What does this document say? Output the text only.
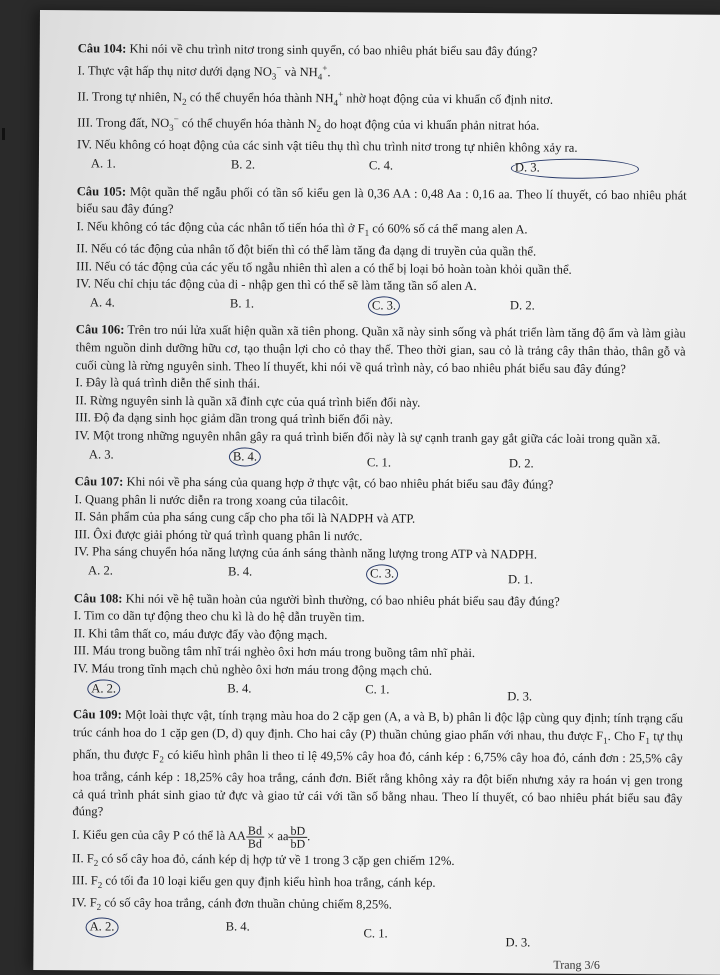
Câu 104: Khi nói về chu trình nitơ trong sinh quyển, có bao nhiêu phát biểu sau đây đúng?
I. Thực vật hấp thụ nitơ dưới dạng $NO_3^-$ và $NH_4^+$.
II. Trong tự nhiên, $N_2$ có thể chuyển hóa thành $NH_4^+$ nhờ hoạt động của vi khuẩn cố định nitơ.
III. Trong đất, $NO_3^-$ có thể chuyển hóa thành $N_2$ do hoạt động của vi khuẩn phản nitrat hóa.
IV. Nếu không có hoạt động của các sinh vật tiêu thụ thì chu trình nitơ trong tự nhiên không xảy ra.
A. 1.	B. 2.	C. 4.	D. 3.
Câu 105: Một quần thể ngẫu phối có tần số kiểu gen là 0,36 AA : 0,48 Aa : 0,16 aa. Theo lí thuyết, có bao nhiêu phát biểu sau đây đúng?
I. Nếu không có tác động của các nhân tố tiến hóa thì ở $F_1$ có 60% số cá thể mang alen A.
II. Nếu có tác động của nhân tố đột biến thì có thể làm tăng đa dạng di truyền của quần thể.
III. Nếu có tác động của các yếu tố ngẫu nhiên thì alen a có thể bị loại bỏ hoàn toàn khỏi quần thể.
IV. Nếu chỉ chịu tác động của di - nhập gen thì có thể sẽ làm tăng tần số alen A.
A. 4.	B. 1.	C. 3.	D. 2.
Câu 106: Trên tro núi lửa xuất hiện quần xã tiên phong. Quần xã này sinh sống và phát triển làm tăng độ ẩm và làm giàu thêm nguồn dinh dưỡng hữu cơ, tạo thuận lợi cho cỏ thay thế. Theo thời gian, sau cỏ là trảng cây thân thảo, thân gỗ và cuối cùng là rừng nguyên sinh. Theo lí thuyết, khi nói về quá trình này, có bao nhiêu phát biểu sau đây đúng?
I. Đây là quá trình diễn thế sinh thái.
II. Rừng nguyên sinh là quần xã đỉnh cực của quá trình biến đổi này.
III. Độ đa dạng sinh học giảm dần trong quá trình biến đổi này.
IV. Một trong những nguyên nhân gây ra quá trình biến đổi này là sự cạnh tranh gay gắt giữa các loài trong quần xã.
A. 3.	B. 4.	C. 1.	D. 2.
Câu 107: Khi nói về pha sáng của quang hợp ở thực vật, có bao nhiêu phát biểu sau đây đúng?
I. Quang phân li nước diễn ra trong xoang của tilacôit.
II. Sản phẩm của pha sáng cung cấp cho pha tối là NADPH và ATP.
III. Ôxi được giải phóng từ quá trình quang phân li nước.
IV. Pha sáng chuyển hóa năng lượng của ánh sáng thành năng lượng trong ATP và NADPH.
A. 2.	B. 4.	C. 3.	D. 1.
Câu 108: Khi nói về hệ tuần hoàn của người bình thường, có bao nhiêu phát biểu sau đây đúng?
I. Tim co dãn tự động theo chu kì là do hệ dẫn truyền tim.
II. Khi tâm thất co, máu được đẩy vào động mạch.
III. Máu trong buồng tâm nhĩ trái nghèo ôxi hơn máu trong buồng tâm nhĩ phải.
IV. Máu trong tĩnh mạch chủ nghèo ôxi hơn máu trong động mạch chủ.
A. 2.	B. 4.	C. 1.	D. 3.
Câu 109: Một loài thực vật, tính trạng màu hoa do 2 cặp gen (A, a và B, b) phân li độc lập cùng quy định; tính trạng cấu trúc cánh hoa do 1 cặp gen (D, d) quy định. Cho hai cây (P) thuần chủng giao phấn với nhau, thu được $F_1$. Cho $F_1$ tự thụ phấn, thu được $F_2$ có kiểu hình phân li theo tỉ lệ 49,5% cây hoa đỏ, cánh kép : 6,75% cây hoa đỏ, cánh đơn : 25,5% cây hoa trắng, cánh kép : 18,25% cây hoa trắng, cánh đơn. Biết rằng không xảy ra đột biến nhưng xảy ra hoán vị gen trong cả quá trình phát sinh giao tử đực và giao tử cái với tần số bằng nhau. Theo lí thuyết, có bao nhiêu phát biểu sau đây đúng?
I. Kiểu gen của cây P có thể là AA $\frac{Bd}{Bd}$ × aa $\frac{bD}{bD}$ .
II. $F_2$ có số cây hoa đỏ, cánh kép dị hợp tử về 1 trong 3 cặp gen chiếm 12%.
III. $F_2$ có tối đa 10 loại kiểu gen quy định kiểu hình hoa trắng, cánh kép.
IV. $F_2$ có số cây hoa trắng, cánh đơn thuần chủng chiếm 8,25%.
A. 2.	B. 4.	C. 1.
D. 3.
Trang 3/6
